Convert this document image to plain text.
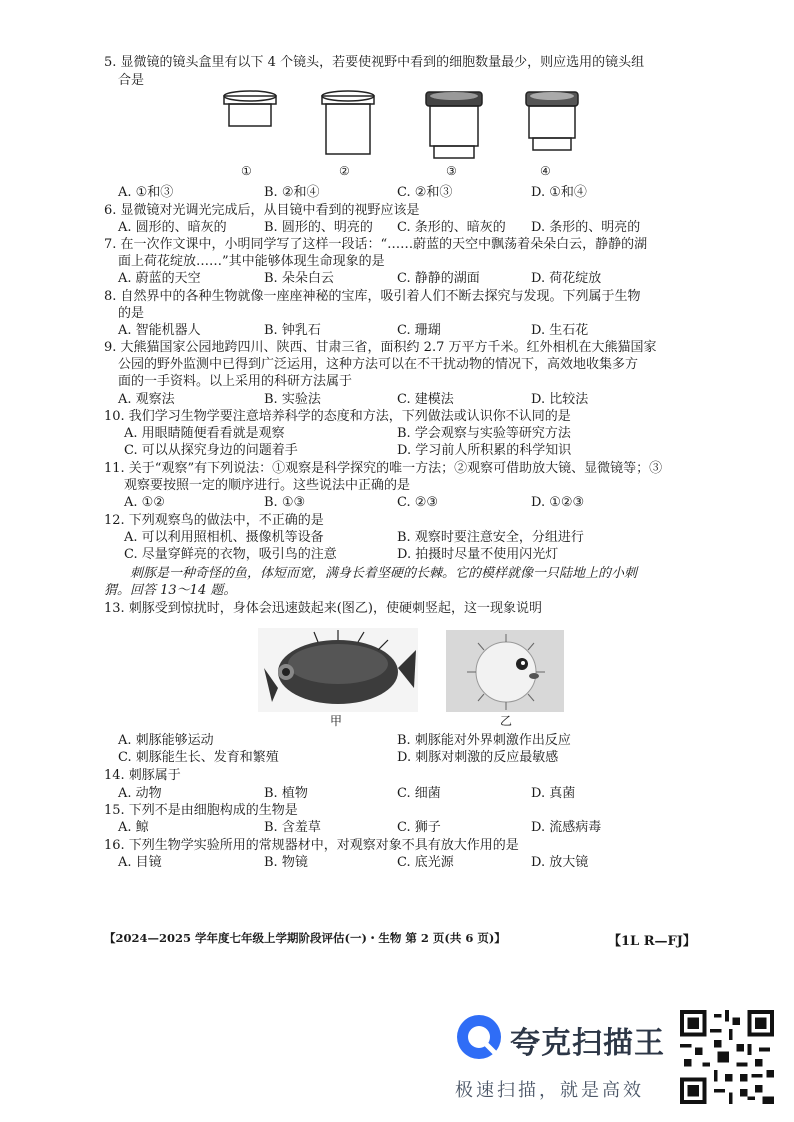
5. 显微镜的镜头盒里有以下 4 个镜头，若要使视野中看到的细胞数量最少，则应选用的镜头组
合是
①	②	③	④
A. ①和③	B. ②和④	C. ②和③	D. ①和④
6. 显微镜对光调光完成后，从目镜中看到的视野应该是
A. 圆形的、暗灰的	B. 圆形的、明亮的 C. 条形的、暗灰的 D. 条形的、明亮的
7. 在一次作文课中，小明同学写了这样一段话：“……蔚蓝的天空中飘荡着朵朵白云，静静的湖
面上荷花绽放……”其中能够体现生命现象的是
A. 蔚蓝的天空	B. 朵朵白云	C. 静静的湖面	D. 荷花绽放
8. 自然界中的各种生物就像一座座神秘的宝库，吸引着人们不断去探究与发现。下列属于生物
的是
A. 智能机器人	B. 钟乳石	C. 珊瑚	D. 生石花
9. 大熊猫国家公园地跨四川、陕西、甘肃三省，面积约 2.7 万平方千米。红外相机在大熊猫国家
公园的野外监测中已得到广泛运用，这种方法可以在不干扰动物的情况下，高效地收集多方
面的一手资料。以上采用的科研方法属于
A. 观察法	B. 实验法	C. 建模法	D. 比较法
10. 我们学习生物学要注意培养科学的态度和方法，下列做法或认识你不认同的是
A. 用眼睛随便看看就是观察	B. 学会观察与实验等研究方法
C. 可以从探究身边的问题着手	D. 学习前人所积累的科学知识
11. 关于“观察”有下列说法：①观察是科学探究的唯一方法；②观察可借助放大镜、显微镜等；③
观察要按照一定的顺序进行。这些说法中正确的是
A. ①②	B. ①③	C. ②③	D. ①②③
12. 下列观察鸟的做法中，不正确的是
A. 可以利用照相机、摄像机等设备	B. 观察时要注意安全，分组进行
C. 尽量穿鲜亮的衣物，吸引鸟的注意	D. 拍摄时尽量不使用闪光灯
刺豚是一种奇怪的鱼，体短而宽，满身长着坚硬的长棘。它的模样就像一只陆地上的小刺
猬。回答 13～14 题。
13. 刺豚受到惊扰时，身体会迅速鼓起来(图乙)，使硬刺竖起，这一现象说明
甲	乙
A. 刺豚能够运动	B. 刺豚能对外界刺激作出反应
C. 刺豚能生长、发育和繁殖	D. 刺豚对刺激的反应最敏感
14. 刺豚属于
A. 动物	B. 植物	C. 细菌	D. 真菌
15. 下列不是由细胞构成的生物是
A. 鲸	B. 含羞草	C. 狮子	D. 流感病毒
16. 下列生物学实验所用的常规器材中，对观察对象不具有放大作用的是
A. 目镜	B. 物镜	C. 底光源	D. 放大镜
【2024—2025 学年度七年级上学期阶段评估(一)・生物 第 2 页(共 6 页)】	【1L R—FJ】
夸克扫描王
极速扫描，就是高效
